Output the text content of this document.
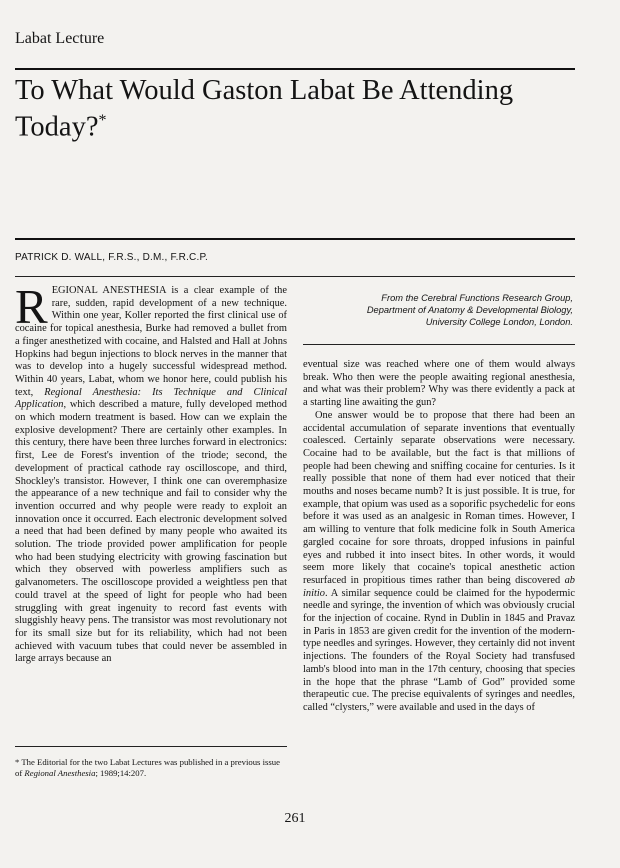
Labat Lecture
To What Would Gaston Labat Be Attending Today?*
PATRICK D. WALL, F.R.S., D.M., F.R.C.P.

REGIONAL ANESTHESIA is a clear example of the rare, sudden, rapid development of a new technique. Within one year, Koller reported the first clinical use of cocaine for topical anesthesia, Burke had removed a bullet from a finger anesthetized with cocaine, and Halsted and Hall at Johns Hopkins had begun injections to block nerves in the manner that was to develop into a hugely successful widespread method. Within 40 years, Labat, whom we honor here, could publish his text, Regional Anesthesia: Its Technique and Clinical Application, which described a mature, fully developed method on which modern treatment is based. How can we explain the explosive development? There are certainly other examples. In this century, there have been three lurches forward in electronics: first, Lee de Forest's invention of the triode; second, the development of practical cathode ray oscilloscope, and third, Shockley's transistor. However, I think one can overemphasize the appearance of a new technique and fail to consider why the invention occurred and why people were ready to exploit an innovation once it occurred. Each electronic development solved a need that had been defined by many people who awaited its solution. The triode provided power amplification for people who had been studying electricity with growing fascination but which they observed with powerless amplifiers such as galvanometers. The oscilloscope provided a weightless pen that could travel at the speed of light for people who had been struggling with great ingenuity to record fast events with sluggishly heavy pens. The transistor was most revolutionary not for its small size but for its reliability, which had not been achieved with vacuum tubes that could never be assembled in large arrays because an

From the Cerebral Functions Research Group,
Department of Anatomy & Developmental Biology,
University College London, London.

eventual size was reached where one of them would always break. Who then were the people awaiting regional anesthesia, and what was their problem? Why was there evidently a pack at a starting line awaiting the gun?

One answer would be to propose that there had been an accidental accumulation of separate inventions that eventually coalesced. Certainly separate observations were necessary. Cocaine had to be available, but the fact is that millions of people had been chewing and sniffing cocaine for centuries. Is it really possible that none of them had ever noticed that their mouths and noses became numb? It is just possible. It is true, for example, that opium was used as a soporific psychedelic for eons before it was used as an analgesic in Roman times. However, I am willing to venture that folk medicine folk in South America gargled cocaine for sore throats, dropped infusions in painful eyes and rubbed it into insect bites. In other words, it would seem more likely that cocaine's topical anesthetic action resurfaced in propitious times rather than being discovered ab initio. A similar sequence could be claimed for the hypodermic needle and syringe, the invention of which was obviously crucial for the injection of cocaine. Rynd in Dublin in 1845 and Pravaz in Paris in 1853 are given credit for the invention of the modern-type needles and syringes. However, they certainly did not invent injections. The founders of the Royal Society had transfused lamb's blood into man in the 17th century, choosing that species in the hope that the phrase “Lamb of God” provided some therapeutic cue. The precise equivalents of syringes and needles, called “clysters,” were available and used in the days of

* The Editorial for the two Labat Lectures was published in a previous issue of Regional Anesthesia; 1989;14:207.
261
